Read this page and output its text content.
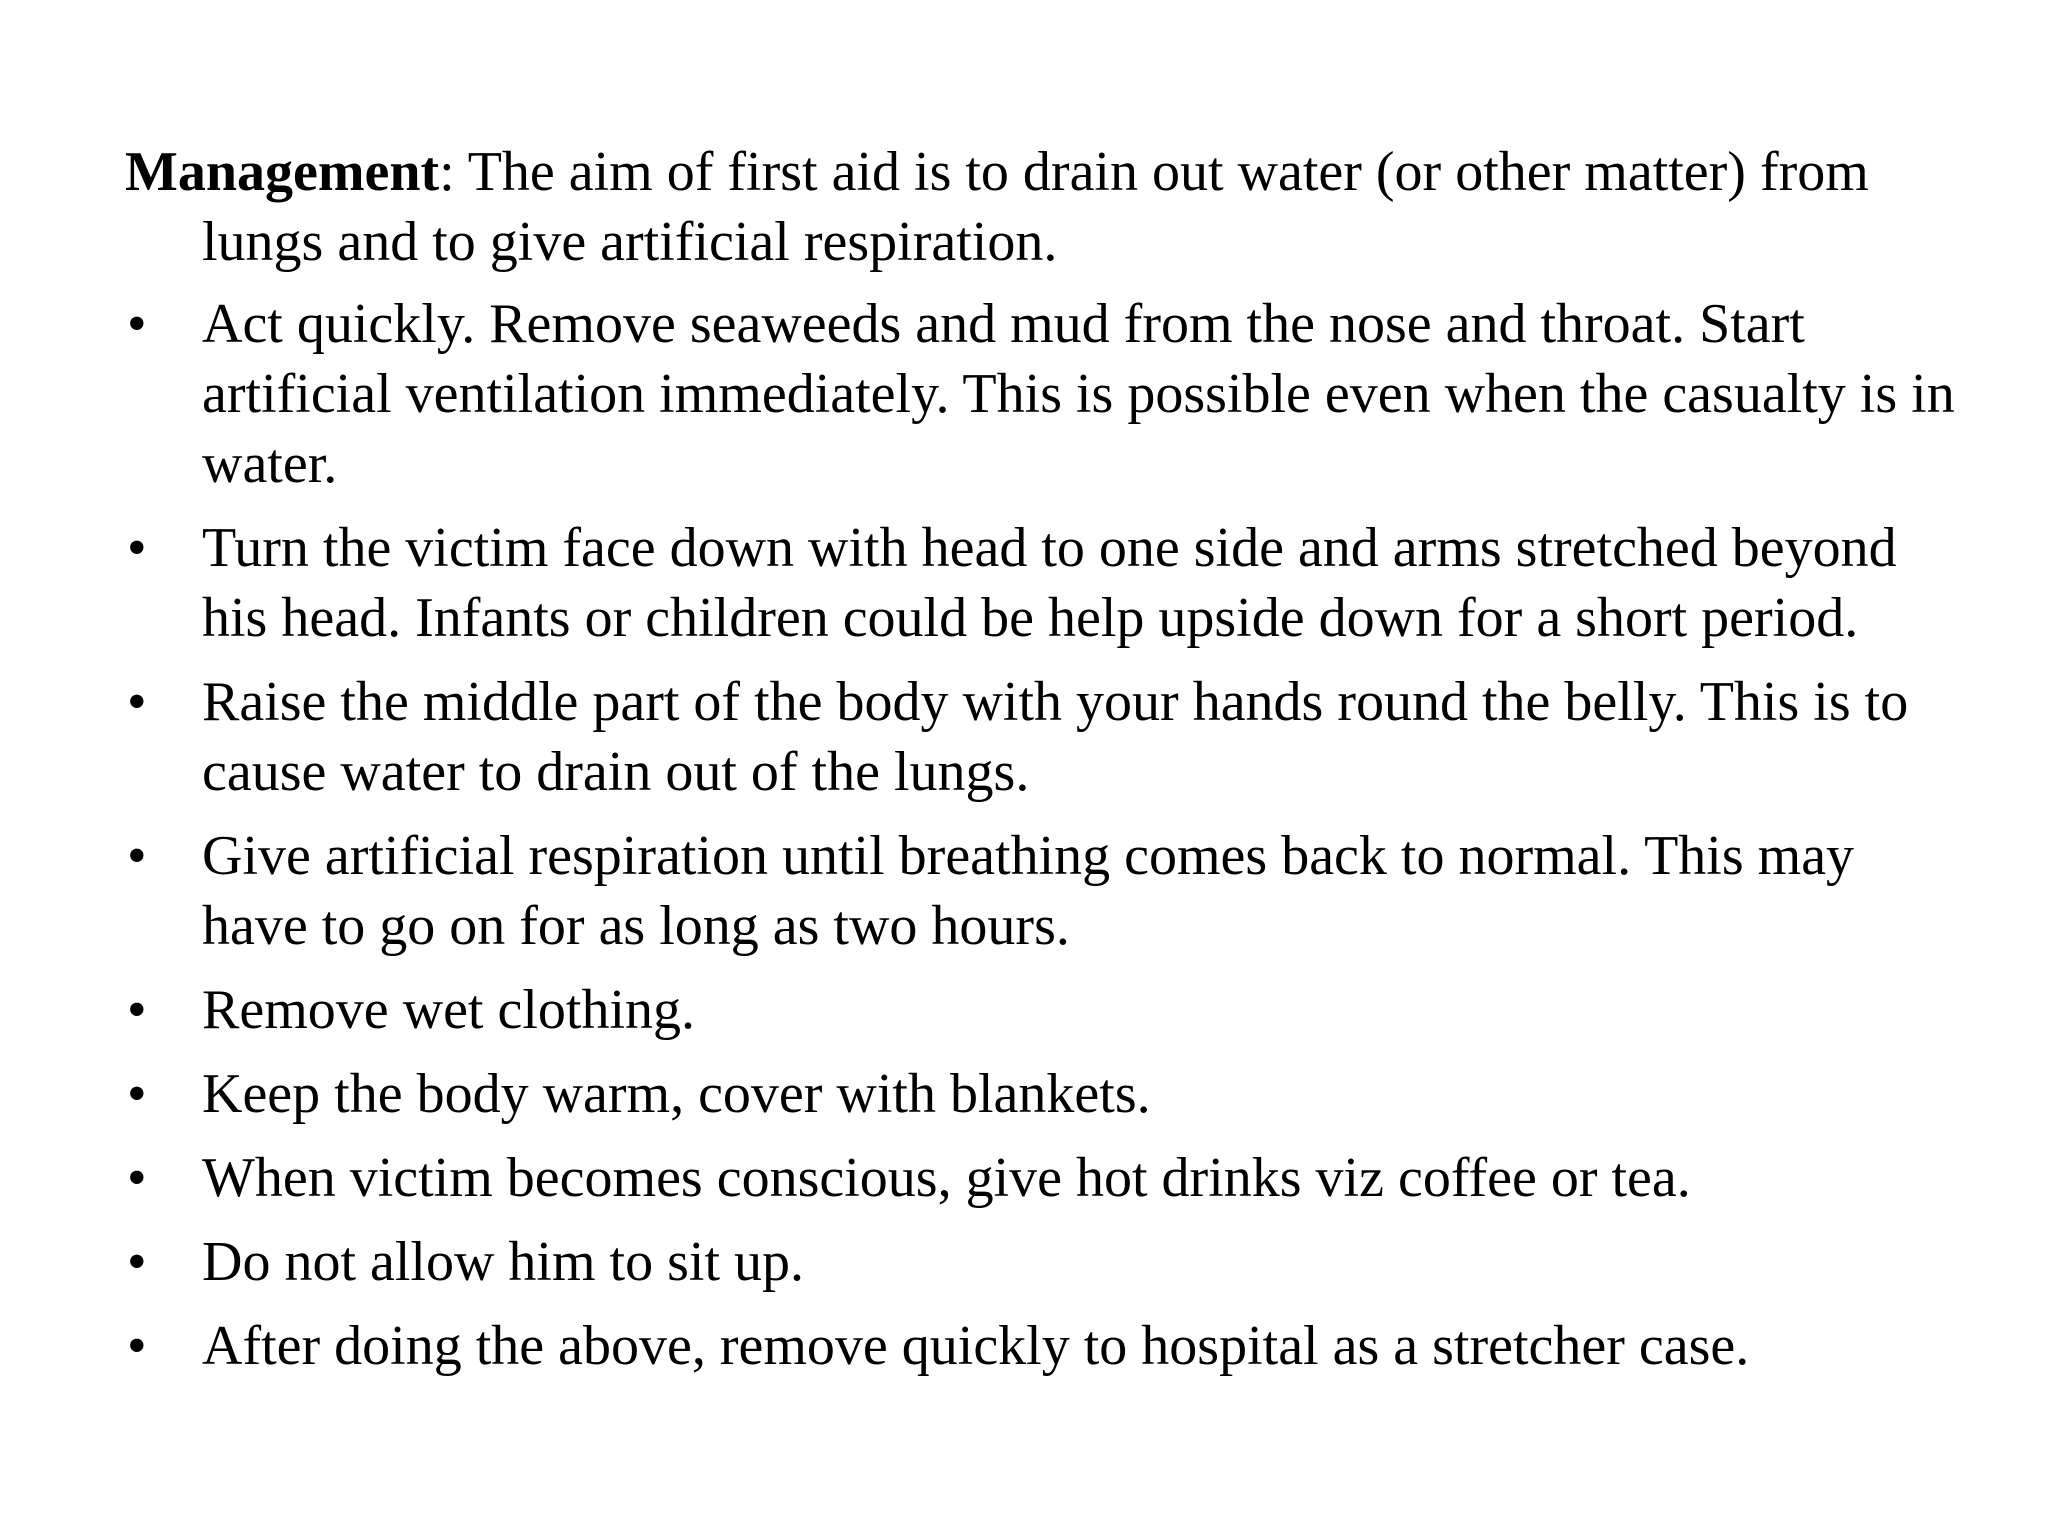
Management: The aim of first aid is to drain out water (or other matter) from lungs and to give artificial respiration.

• Act quickly. Remove seaweeds and mud from the nose and throat. Start artificial ventilation immediately. This is possible even when the casualty is in water.
• Turn the victim face down with head to one side and arms stretched beyond his head. Infants or children could be help upside down for a short period.
• Raise the middle part of the body with your hands round the belly. This is to cause water to drain out of the lungs.
• Give artificial respiration until breathing comes back to normal. This may have to go on for as long as two hours.
• Remove wet clothing.
• Keep the body warm, cover with blankets.
• When victim becomes conscious, give hot drinks viz coffee or tea.
• Do not allow him to sit up.
• After doing the above, remove quickly to hospital as a stretcher case.
